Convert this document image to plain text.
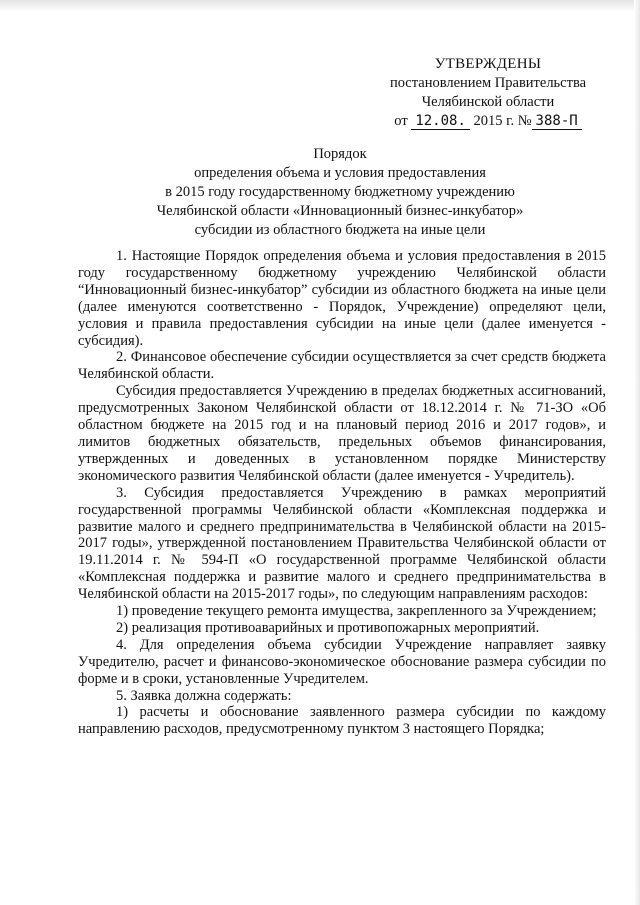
УТВЕРЖДЕНЫ
постановлением Правительства
Челябинской области
от 12.08. 2015 г. № 388-П
Порядок
определения объема и условия предоставления
в 2015 году государственному бюджетному учреждению
Челябинской области «Инновационный бизнес-инкубатор»
субсидии из областного бюджета на иные цели

1. Настоящие Порядок определения объема и условия предоставления в 2015 году государственному бюджетному учреждению Челябинской области “Инновационный бизнес-инкубатор” субсидии из областного бюджета на иные цели (далее именуются соответственно - Порядок, Учреждение) определяют цели, условия и правила предоставления субсидии на иные цели (далее именуется - субсидия).

2. Финансовое обеспечение субсидии осуществляется за счет средств бюджета Челябинской области.

Субсидия предоставляется Учреждению в пределах бюджетных ассигнований, предусмотренных Законом Челябинской области от 18.12.2014 г. № 71-ЗО «Об областном бюджете на 2015 год и на плановый период 2016 и 2017 годов», и лимитов бюджетных обязательств, предельных объемов финансирования, утвержденных и доведенных в установленном порядке Министерству экономического развития Челябинской области (далее именуется - Учредитель).

3. Субсидия предоставляется Учреждению в рамках мероприятий государственной программы Челябинской области «Комплексная поддержка и развитие малого и среднего предпринимательства в Челябинской области на 2015-2017 годы», утвержденной постановлением Правительства Челябинской области от 19.11.2014 г. № 594-П «О государственной программе Челябинской области «Комплексная поддержка и развитие малого и среднего предпринимательства в Челябинской области на 2015-2017 годы», по следующим направлениям расходов:

1) проведение текущего ремонта имущества, закрепленного за Учреждением;

2) реализация противоаварийных и противопожарных мероприятий.

4. Для определения объема субсидии Учреждение направляет заявку Учредителю, расчет и финансово-экономическое обоснование размера субсидии по форме и в сроки, установленные Учредителем.

5. Заявка должна содержать:

1) расчеты и обоснование заявленного размера субсидии по каждому направлению расходов, предусмотренному пунктом 3 настоящего Порядка;
